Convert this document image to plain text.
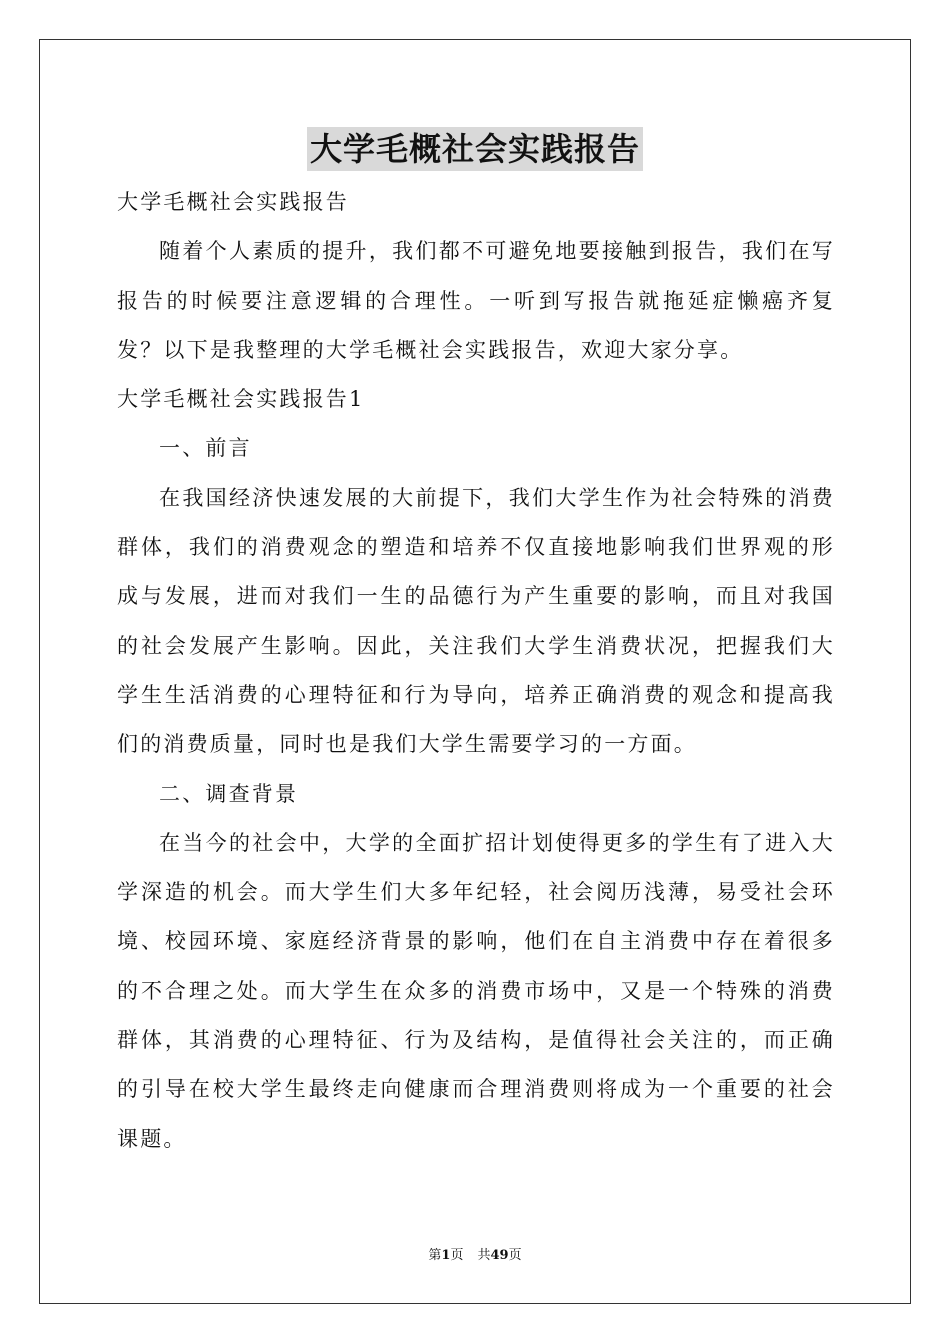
大学毛概社会实践报告

大学毛概社会实践报告

随着个人素质的提升，我们都不可避免地要接触到报告，我们在写报告的时候要注意逻辑的合理性。一听到写报告就拖延症懒癌齐复发？以下是我整理的大学毛概社会实践报告，欢迎大家分享。

大学毛概社会实践报告1

一、前言

在我国经济快速发展的大前提下，我们大学生作为社会特殊的消费群体，我们的消费观念的塑造和培养不仅直接地影响我们世界观的形成与发展，进而对我们一生的品德行为产生重要的影响，而且对我国的社会发展产生影响。因此，关注我们大学生消费状况，把握我们大学生生活消费的心理特征和行为导向，培养正确消费的观念和提高我们的消费质量，同时也是我们大学生需要学习的一方面。

二、调查背景

在当今的社会中，大学的全面扩招计划使得更多的学生有了进入大学深造的机会。而大学生们大多年纪轻，社会阅历浅薄，易受社会环境、校园环境、家庭经济背景的影响，他们在自主消费中存在着很多的不合理之处。而大学生在众多的消费市场中，又是一个特殊的消费群体，其消费的心理特征、行为及结构，是值得社会关注的，而正确的引导在校大学生最终走向健康而合理消费则将成为一个重要的社会课题。

第1页 共49页
